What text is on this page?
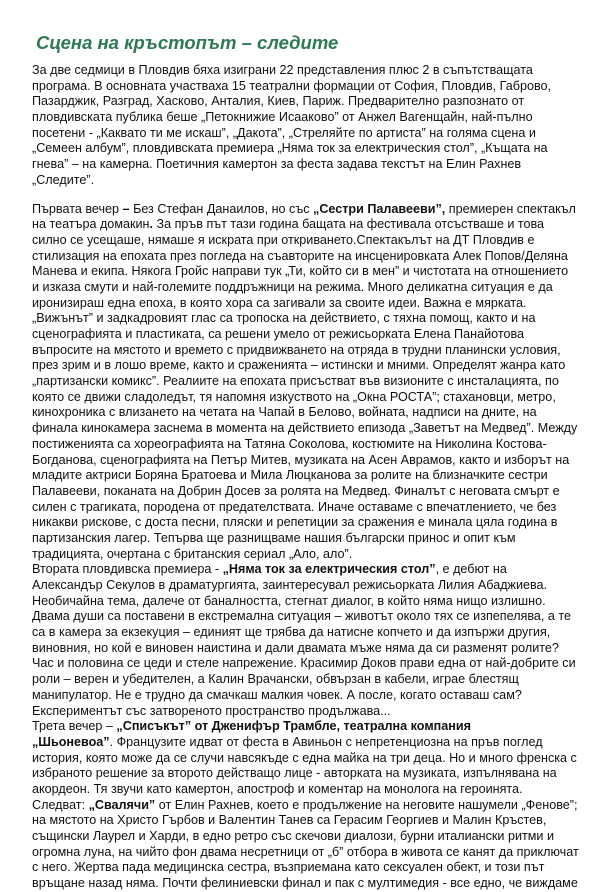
Сцена на кръстопът – следите
За две седмици в Пловдив бяха изиграни 22 представления плюс 2 в съпътстващата
програма. В основната участваха 15 театрални формации от София, Пловдив, Габрово,
Пазарджик, Разград, Хасково, Анталия, Киев, Париж. Предварително разпознато от
пловдивската публика беше „Петокнижие Исааково” от Анжел Вагенщайн, най-пълно
посетени - „Каквато ти ме искаш”, „Дакота”, „Стреляйте по артиста” на голяма сцена и
„Семеен албум”, пловдивската премиера „Няма ток за електрическия стол”, „Къщата на
гнева” – на камерна. Поетичния камертон за феста задава текстът на Елин Рахнев
„Следите”.
Първата вечер – Без Стефан Данаилов, но със „Сестри Палавееви”, премиерен спектакъл
на театъра домакин. За пръв път тази година бащата на фестивала отсъстваше и това
силно се усещаше, нямаше я искрата при откриването.Спектакълът на ДТ Пловдив е
стилизация на епохата през погледа на съавторите на инсценировката Алек Попов/Деляна
Манева и екипа. Някога Гройс направи тук „Ти, който си в мен” и чистотата на отношението
и изказа смути и най-големите поддръжници на режима. Много деликатна ситуация е да
иронизираш една епоха, в която хора са загивали за своите идеи. Важна е мярката.
„Вижънът” и задкадровият глас са тропоска на действието, с тяхна помощ, както и на
сценографията и пластиката, са решени умело от режисьорката Елена Панайотова
въпросите на мястото и времето с придвижването на отряда в трудни планински условия,
през зрим и в лошо време, както и сраженията – истински и мними. Определят жанра като
„партизански комикс”. Реалиите на епохата присъстват във визионите с инсталацията, по
която се движи сладоледът, тя напомня изкуството на „Окна РОСТА”; стахановци, метро,
кинохроника с влизането на четата на Чапай в Белово, войната, надписи на дните, на
финала кинокамера заснема в момента на действието епизода „Заветът на Медвед”. Между
постиженията са хореографията на Татяна Соколова, костюмите на Николина Костова-
Богданова, сценографията на Петър Митев, музиката на Асен Аврамов, както и изборът на
младите актриси Боряна Братоева и Мила Люцканова за ролите на близначките сестри
Палавееви, поканата на Добрин Досев за ролята на Медвед. Финалът с неговата смърт е
силен с трагиката, породена от предателствата. Иначе оставаме с впечатлението, че без
никакви рискове, с доста песни, пляски и репетиции за сражения е минала цяла година в
партизанския лагер. Тепърва ще разнищваме нашия български принос и опит към
традицията, очертана с британския сериал „Ало, ало”.
Втората пловдивска премиера - „Няма ток за електрическия стол”, е дебют на
Александър Секулов в драматургията, заинтересувал режисьорката Лилия Абаджиева.
Необичайна тема, далече от баналността, стегнат диалог, в който няма нищо излишно.
Двама души са поставени в екстремална ситуация – животът около тях се изпепелява, а те
са в камера за екзекуция – единият ще трябва да натисне копчето и да изпържи другия,
виновния, но кой е виновен наистина и дали двамата мъже няма да си разменят ролите?
Час и половина се цеди и стеле напрежение. Красимир Доков прави една от най-добрите си
роли – верен и убедителен, а Калин Врачански, обвързан в кабели, играе блестящ
манипулатор. Не е трудно да смачкаш малкия човек. А после, когато оставаш сам?
Експериментът със затвореното пространство продължава...
Трета вечер – „Списъкът” от Дженифър Трамбле, театрална компания
„Шьоневоа”. Французите идват от феста в Авиньон с непретенциозна на пръв поглед
история, която може да се случи навсякъде с една майка на три деца. Но и много френска с
избраното решение за второто действащо лице - авторката на музиката, изпълнявана на
акордеон. Тя звучи като камертон, апостроф и коментар на монолога на героинята.
Следват: „Свалячи” от Елин Рахнев, което е продължение на неговите нашумели „Фенове”;
на мястото на Христо Гърбов и Валентин Танев са Герасим Георгиев и Малин Кръстев,
същински Лаурел и Харди, в едно ретро със скечови диалози, бурни италиански ритми и
огромна луна, на чийто фон двама несретници от „б” отбора в живота се канят да приключат
с него. Жертва пада медицинска сестра, възприемана като сексуален обект, и този път
връщане назад няма. Почти фелиниевски финал и пак с мултимедия - все едно, че виждаме
